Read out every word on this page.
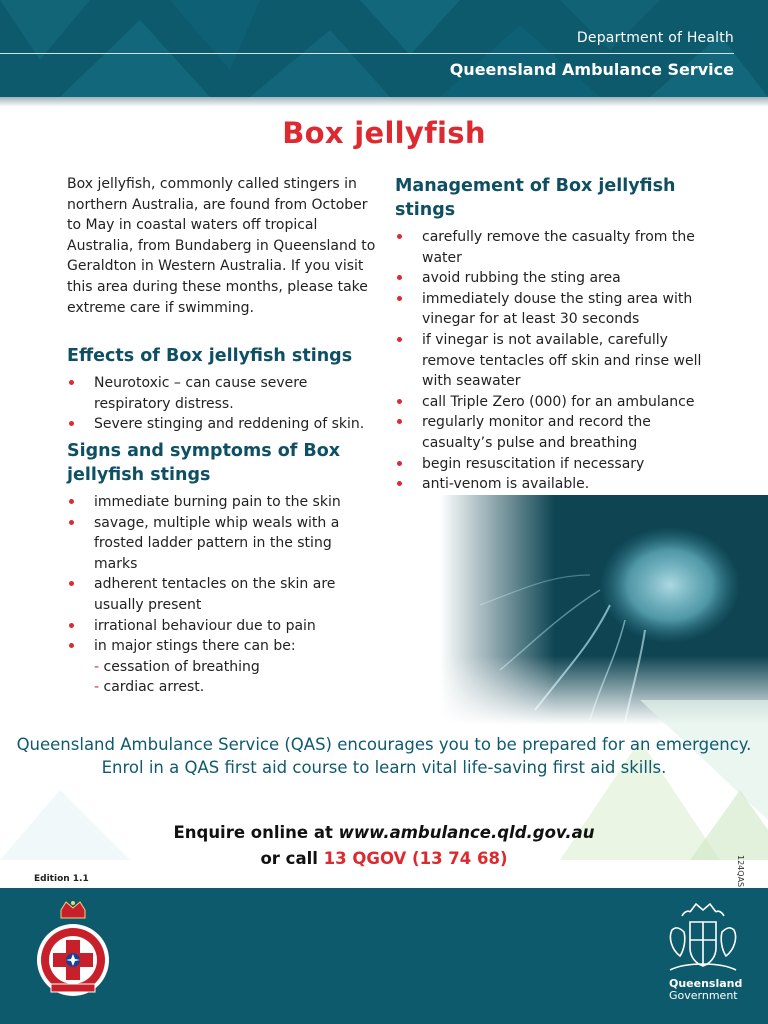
Department of Health
Queensland Ambulance Service
Box jellyfish

Box jellyfish, commonly called stingers in northern Australia, are found from October to May in coastal waters off tropical Australia, from Bundaberg in Queensland to Geraldton in Western Australia. If you visit this area during these months, please take extreme care if swimming.

Effects of Box jellyfish stings
Neurotoxic – can cause severe respiratory distress.
Severe stinging and reddening of skin.
Signs and symptoms of Box jellyfish stings
immediate burning pain to the skin
savage, multiple whip weals with a frosted ladder pattern in the sting marks
adherent tentacles on the skin are usually present
irrational behaviour due to pain
in major stings there can be:
- cessation of breathing
- cardiac arrest.
Management of Box jellyfish stings
carefully remove the casualty from the water
avoid rubbing the sting area
immediately douse the sting area with vinegar for at least 30 seconds
if vinegar is not available, carefully remove tentacles off skin and rinse well with seawater
call Triple Zero (000) for an ambulance
regularly monitor and record the casualty’s pulse and breathing
begin resuscitation if necessary
anti-venom is available.
Queensland Ambulance Service (QAS) encourages you to be prepared for an emergency. Enrol in a QAS first aid course to learn vital life-saving first aid skills.
Enquire online at www.ambulance.qld.gov.au
or call 13 QGOV (13 74 68)
Edition 1.1	124QAS
Queensland
Government
